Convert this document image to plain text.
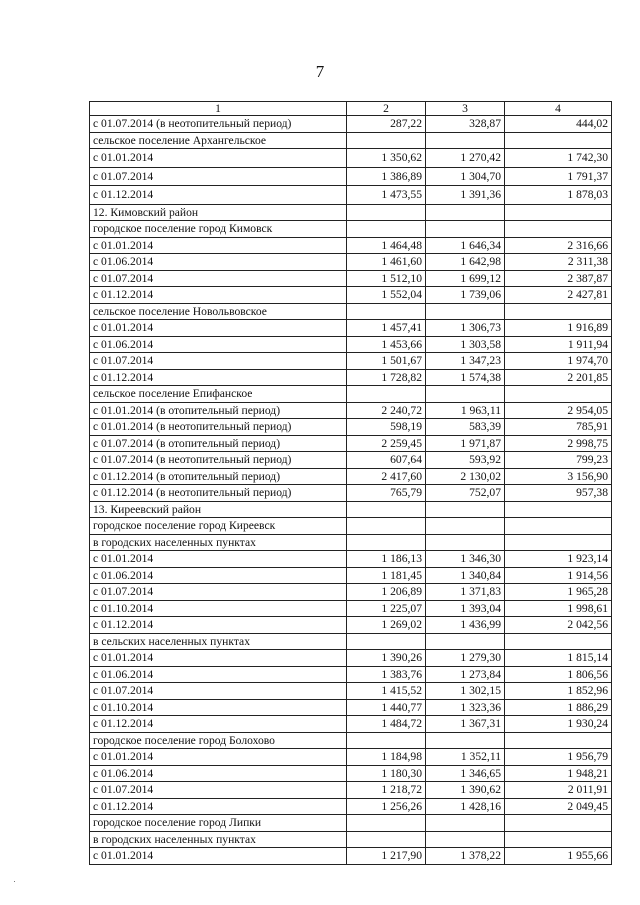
7
1	2	3	4
с 01.07.2014 (в неотопительный период)	287,22	328,87	444,02
сельское поселение Архангельское			
с 01.01.2014	1 350,62	1 270,42	1 742,30
с 01.07.2014	1 386,89	1 304,70	1 791,37
с 01.12.2014	1 473,55	1 391,36	1 878,03
12. Кимовский район			
городское поселение город Кимовск			
с 01.01.2014	1 464,48	1 646,34	2 316,66
с 01.06.2014	1 461,60	1 642,98	2 311,38
с 01.07.2014	1 512,10	1 699,12	2 387,87
с 01.12.2014	1 552,04	1 739,06	2 427,81
сельское поселение Новольвовское			
с 01.01.2014	1 457,41	1 306,73	1 916,89
с 01.06.2014	1 453,66	1 303,58	1 911,94
с 01.07.2014	1 501,67	1 347,23	1 974,70
с 01.12.2014	1 728,82	1 574,38	2 201,85
сельское поселение Епифанское			
с 01.01.2014 (в отопительный период)	2 240,72	1 963,11	2 954,05
с 01.01.2014 (в неотопительный период)	598,19	583,39	785,91
с 01.07.2014 (в отопительный период)	2 259,45	1 971,87	2 998,75
с 01.07.2014 (в неотопительный период)	607,64	593,92	799,23
с 01.12.2014 (в отопительный период)	2 417,60	2 130,02	3 156,90
с 01.12.2014 (в неотопительный период)	765,79	752,07	957,38
13. Киреевский район			
городское поселение город Киреевск			
в городских населенных пунктах			
с 01.01.2014	1 186,13	1 346,30	1 923,14
с 01.06.2014	1 181,45	1 340,84	1 914,56
с 01.07.2014	1 206,89	1 371,83	1 965,28
с 01.10.2014	1 225,07	1 393,04	1 998,61
с 01.12.2014	1 269,02	1 436,99	2 042,56
в сельских населенных пунктах			
с 01.01.2014	1 390,26	1 279,30	1 815,14
с 01.06.2014	1 383,76	1 273,84	1 806,56
с 01.07.2014	1 415,52	1 302,15	1 852,96
с 01.10.2014	1 440,77	1 323,36	1 886,29
с 01.12.2014	1 484,72	1 367,31	1 930,24
городское поселение город Болохово			
с 01.01.2014	1 184,98	1 352,11	1 956,79
с 01.06.2014	1 180,30	1 346,65	1 948,21
с 01.07.2014	1 218,72	1 390,62	2 011,91
с 01.12.2014	1 256,26	1 428,16	2 049,45
городское поселение город Липки			
в городских населенных пунктах			
с 01.01.2014	1 217,90	1 378,22	1 955,66
